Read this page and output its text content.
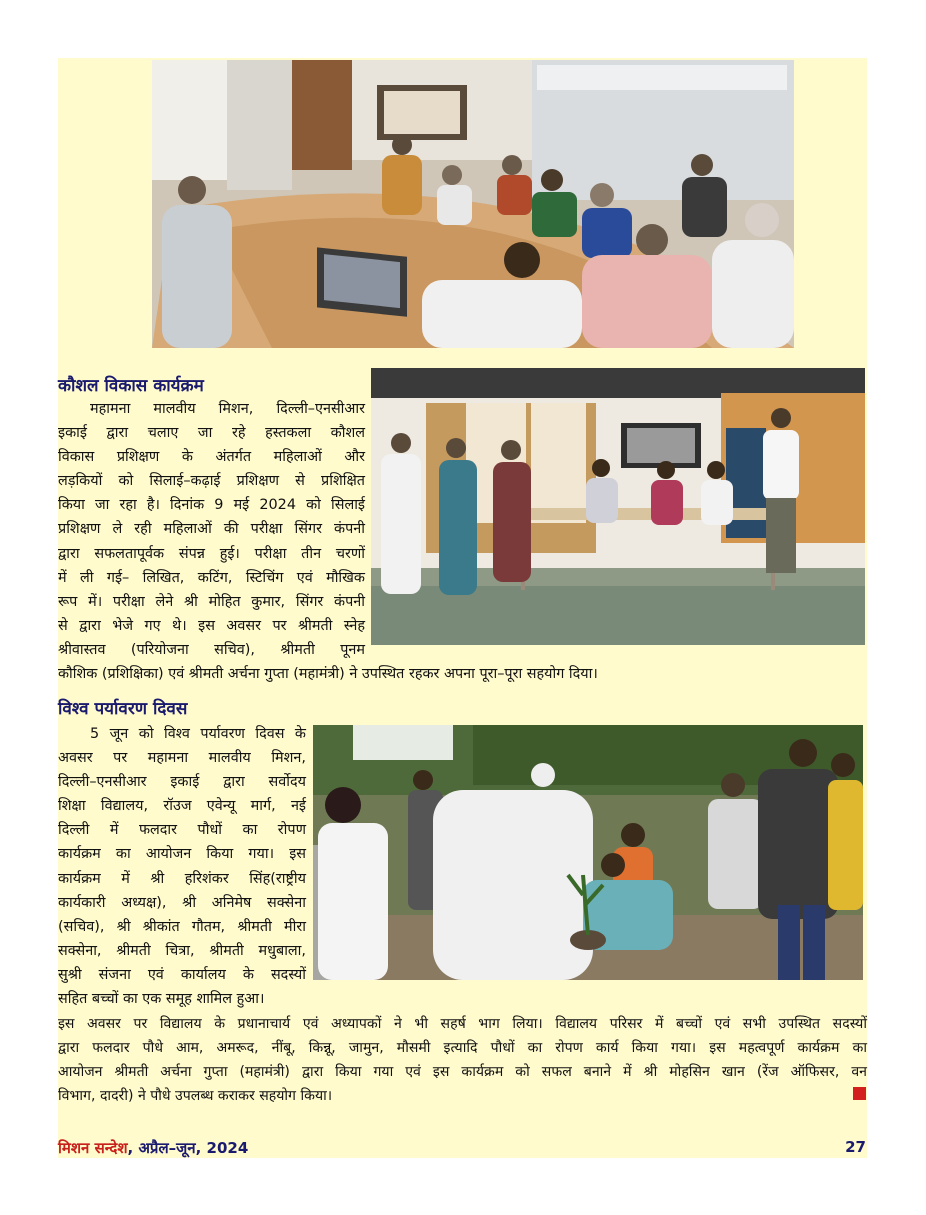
कौशल विकास कार्यक्रम
महामना मालवीय मिशन, दिल्ली–एनसीआर
इकाई द्वारा चलाए जा रहे हस्तकला कौशल
विकास प्रशिक्षण के अंतर्गत महिलाओं और
लड़कियों को सिलाई–कढ़ाई प्रशिक्षण से प्रशिक्षित
किया जा रहा है। दिनांक 9 मई 2024 को सिलाई
प्रशिक्षण ले रही महिलाओं की परीक्षा सिंगर कंपनी
द्वारा सफलतापूर्वक संपन्न हुई। परीक्षा तीन चरणों
में ली गई– लिखित, कटिंग, स्टिचिंग एवं मौखिक
रूप में। परीक्षा लेने श्री मोहित कुमार, सिंगर कंपनी
से द्वारा भेजे गए थे। इस अवसर पर श्रीमती स्नेह
श्रीवास्तव (परियोजना सचिव), श्रीमती पूनम
कौशिक (प्रशिक्षिका) एवं श्रीमती अर्चना गुप्ता (महामंत्री) ने उपस्थित रहकर अपना पूरा–पूरा सहयोग दिया।
विश्व पर्यावरण दिवस
5 जून को विश्व पर्यावरण दिवस के
अवसर पर महामना मालवीय मिशन,
दिल्ली–एनसीआर इकाई द्वारा सर्वोदय
शिक्षा विद्यालय, रॉउज एवेन्यू मार्ग, नई
दिल्ली में फलदार पौधों का रोपण
कार्यक्रम का आयोजन किया गया। इस
कार्यक्रम में श्री हरिशंकर सिंह(राष्ट्रीय
कार्यकारी अध्यक्ष), श्री अनिमेष सक्सेना
(सचिव), श्री श्रीकांत गौतम, श्रीमती मीरा
सक्सेना, श्रीमती चित्रा, श्रीमती मधुबाला,
सुश्री संजना एवं कार्यालय के सदस्यों
सहित बच्चों का एक समूह शामिल हुआ।
इस अवसर पर विद्यालय के प्रधानाचार्य एवं अध्यापकों ने भी सहर्ष भाग लिया। विद्यालय परिसर में बच्चों एवं सभी उपस्थित सदस्यों
द्वारा फलदार पौधे आम, अमरूद, नींबू, किन्नू, जामुन, मौसमी इत्यादि पौधों का रोपण कार्य किया गया। इस महत्वपूर्ण कार्यक्रम का
आयोजन श्रीमती अर्चना गुप्ता (महामंत्री) द्वारा किया गया एवं इस कार्यक्रम को सफल बनाने में श्री मोहसिन खान (रेंज ऑफिसर, वन
विभाग, दादरी) ने पौधे उपलब्ध कराकर सहयोग किया।
मिशन सन्देश, अप्रैल–जून, 2024	27
